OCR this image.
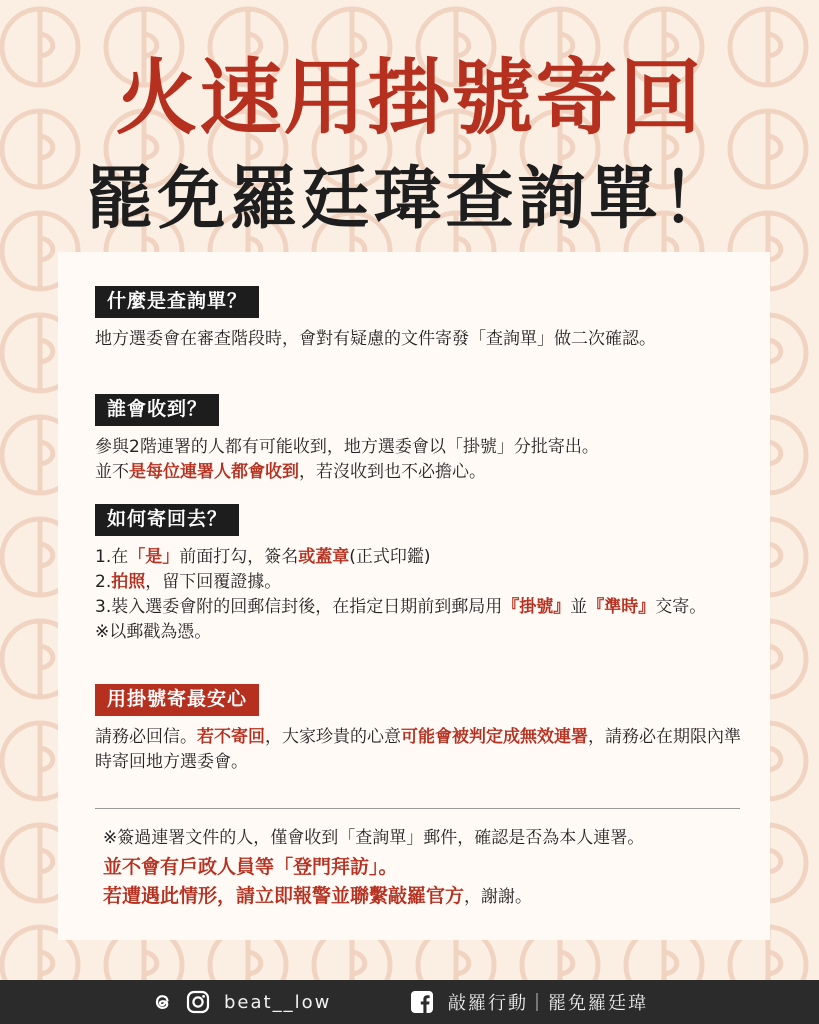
火速用掛號寄回
罷免羅廷瑋查詢單！
什麼是查詢單？
地方選委會在審查階段時，會對有疑慮的文件寄發「查詢單」做二次確認。
誰會收到？
參與2階連署的人都有可能收到，地方選委會以「掛號」分批寄出。
並不是每位連署人都會收到，若沒收到也不必擔心。
如何寄回去？
1.在「是」前面打勾，簽名或蓋章(正式印鑑)
2.拍照，留下回覆證據。
3.裝入選委會附的回郵信封後，在指定日期前到郵局用『掛號』並『準時』交寄。
※以郵戳為憑。
用掛號寄最安心
請務必回信。若不寄回，大家珍貴的心意可能會被判定成無效連署，請務必在期限內準時寄回地方選委會。
※簽過連署文件的人，僅會收到「查詢單」郵件，確認是否為本人連署。
並不會有戶政人員等「登門拜訪」。
若遭遇此情形，請立即報警並聯繫敲羅官方，謝謝。
beat__low	敲羅行動｜罷免羅廷瑋
